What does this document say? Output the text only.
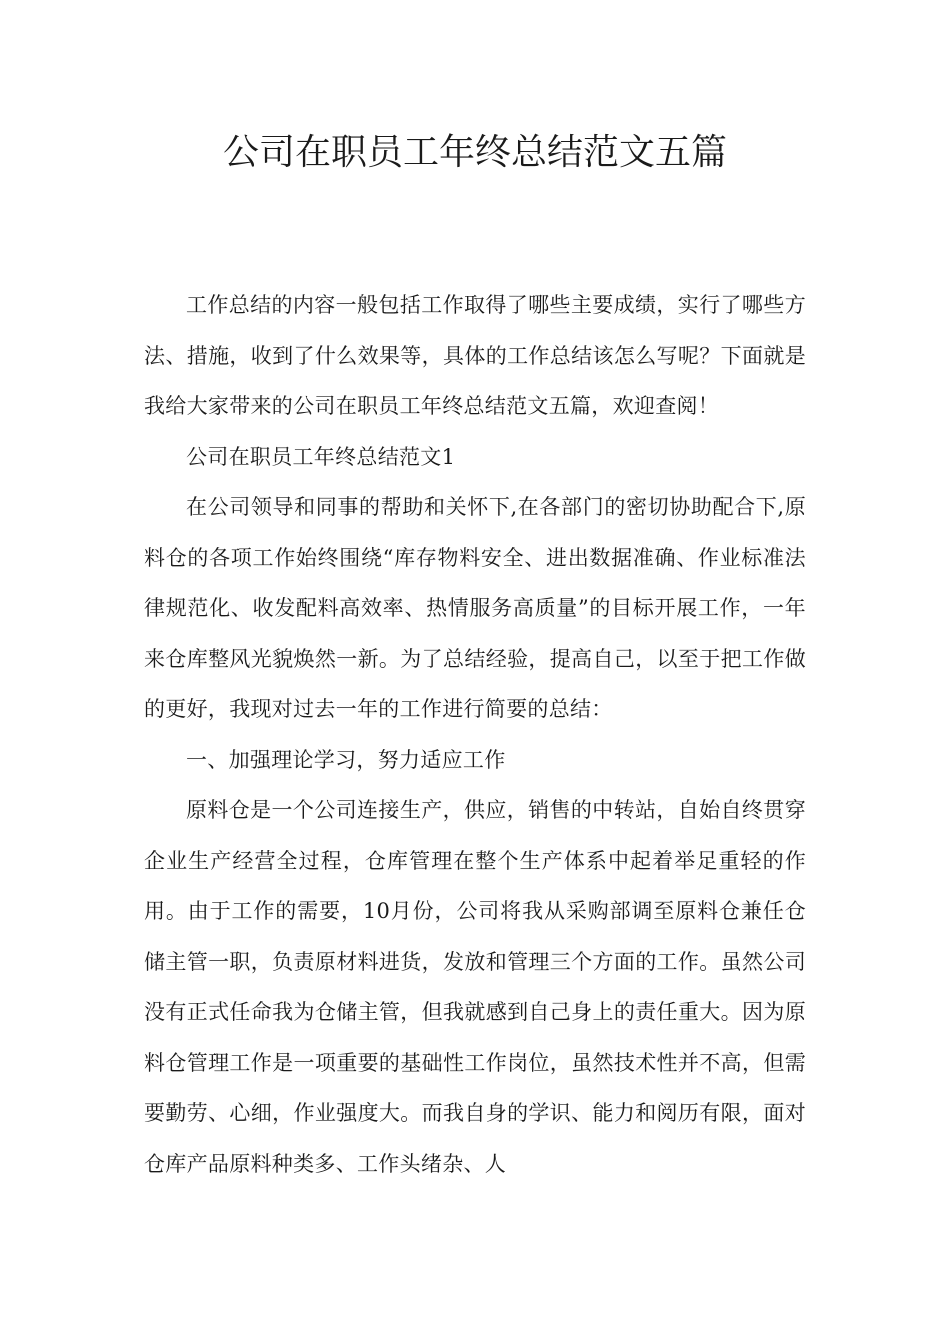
公司在职员工年终总结范文五篇

工作总结的内容一般包括工作取得了哪些主要成绩，实行了哪些方法、措施，收到了什么效果等，具体的工作总结该怎么写呢？下面就是我给大家带来的公司在职员工年终总结范文五篇，欢迎查阅！

公司在职员工年终总结范文1

在公司领导和同事的帮助和关怀下,在各部门的密切协助配合下,原料仓的各项工作始终围绕“库存物料安全、进出数据准确、作业标准法律规范化、收发配料高效率、热情服务高质量”的目标开展工作，一年来仓库整风光貌焕然一新。为了总结经验，提高自己，以至于把工作做的更好，我现对过去一年的工作进行简要的总结：

一、加强理论学习，努力适应工作

原料仓是一个公司连接生产，供应，销售的中转站，自始自终贯穿企业生产经营全过程，仓库管理在整个生产体系中起着举足重轻的作用。由于工作的需要，10月份，公司将我从采购部调至原料仓兼任仓储主管一职，负责原材料进货，发放和管理三个方面的工作。虽然公司没有正式任命我为仓储主管，但我就感到自己身上的责任重大。因为原料仓管理工作是一项重要的基础性工作岗位，虽然技术性并不高，但需要勤劳、心细，作业强度大。而我自身的学识、能力和阅历有限，面对仓库产品原料种类多、工作头绪杂、人
